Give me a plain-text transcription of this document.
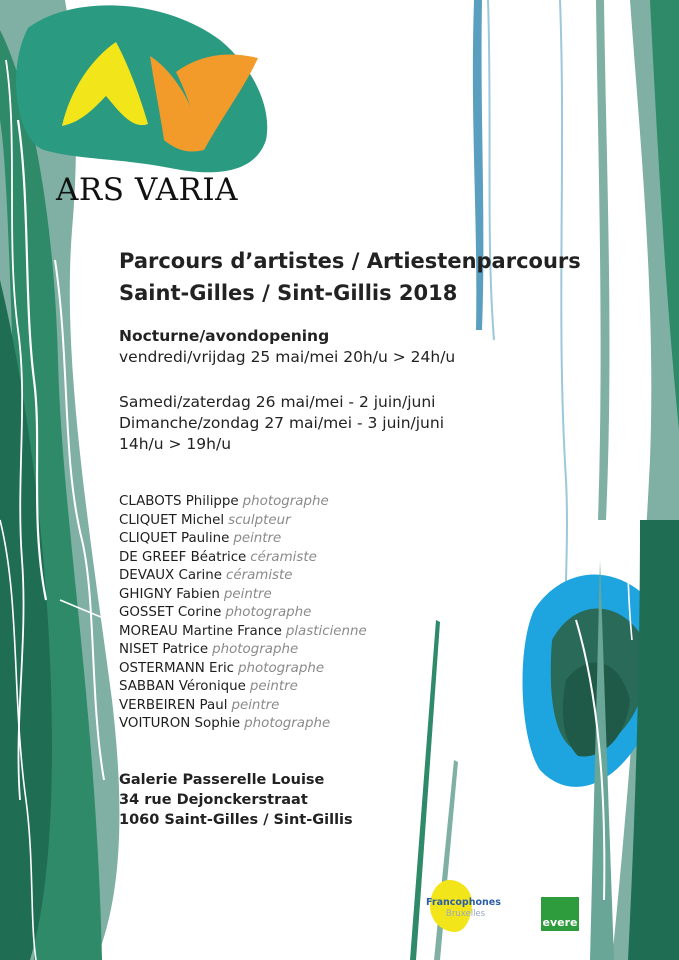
ARS VARIA
Parcours d’artistes / Artiestenparcours
Saint-Gilles / Sint-Gillis 2018
Nocturne/avondopening
vendredi/vrijdag 25 mai/mei 20h/u > 24h/u
Samedi/zaterdag 26 mai/mei - 2 juin/juni
Dimanche/zondag 27 mai/mei - 3 juin/juni
14h/u > 19h/u
CLABOTS Philippe photographe
CLIQUET Michel sculpteur
CLIQUET Pauline peintre
DE GREEF Béatrice céramiste
DEVAUX Carine céramiste
GHIGNY Fabien peintre
GOSSET Corine photographe
MOREAU Martine France plasticienne
NISET Patrice photographe
OSTERMANN Eric photographe
SABBAN Véronique peintre
VERBEIREN Paul peintre
VOITURON Sophie photographe
Galerie Passerelle Louise
34 rue Dejonckerstraat
1060 Saint-Gilles / Sint-Gillis
Francophones
Bruxelles
evere
